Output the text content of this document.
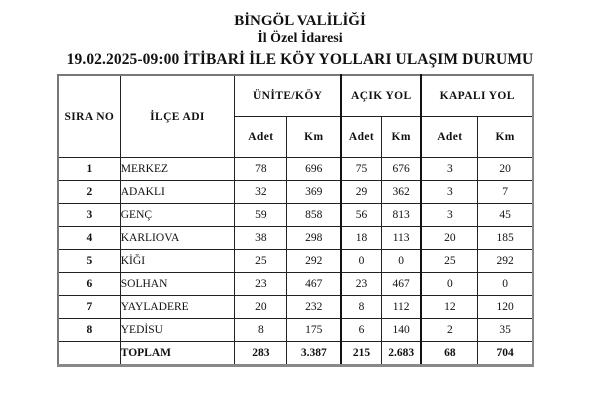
BİNGÖL VALİLİĞİ
İl Özel İdaresi
19.02.2025-09:00 İTİBARİ İLE KÖY YOLLARI ULAŞIM DURUMU
SIRA NO	İLÇE ADI	ÜNİTE/KÖY		AÇIK YOL		KAPALI YOL	
		Adet	Km	Adet	Km	Adet	Km
1	MERKEZ	78	696	75	676	3	20
2	ADAKLI	32	369	29	362	3	7
3	GENÇ	59	858	56	813	3	45
4	KARLIOVA	38	298	18	113	20	185
5	KİĞI	25	292	0	0	25	292
6	SOLHAN	23	467	23	467	0	0
7	YAYLADERE	20	232	8	112	12	120
8	YEDİSU	8	175	6	140	2	35
	TOPLAM	283	3.387	215	2.683	68	704
